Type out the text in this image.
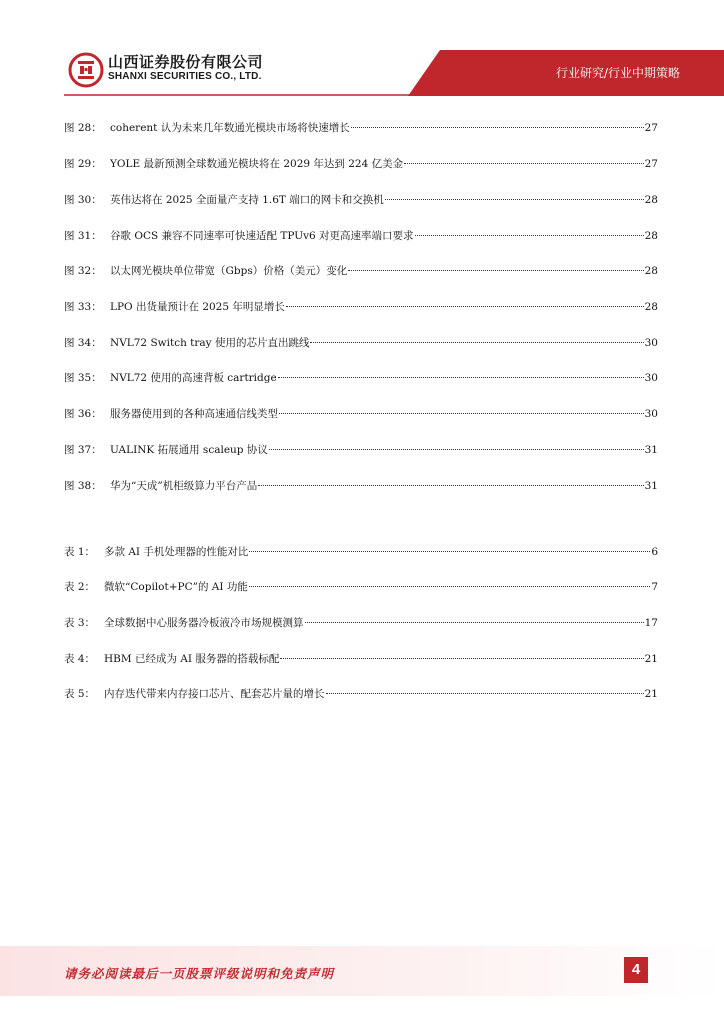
山西证券股份有限公司
SHANXI SECURITIES CO., LTD.	行业研究/行业中期策略
图 28： coherent 认为未来几年数通光模块市场将快速增长	27
图 29： YOLE 最新预测全球数通光模块将在 2029 年达到 224 亿美金	27
图 30： 英伟达将在 2025 全面量产支持 1.6T 端口的网卡和交换机	28
图 31： 谷歌 OCS 兼容不同速率可快速适配 TPUv6 对更高速率端口要求	28
图 32： 以太网光模块单位带宽（Gbps）价格（美元）变化	28
图 33： LPO 出货量预计在 2025 年明显增长	28
图 34： NVL72 Switch tray 使用的芯片直出跳线	30
图 35： NVL72 使用的高速背板 cartridge	30
图 36： 服务器使用到的各种高速通信线类型	30
图 37： UALINK 拓展通用 scaleup 协议	31
图 38： 华为“天成”机柜级算力平台产品	31
表 1： 多款 AI 手机处理器的性能对比	6
表 2： 微软“Copilot+PC”的 AI 功能	7
表 3： 全球数据中心服务器冷板液冷市场规模测算	17
表 4： HBM 已经成为 AI 服务器的搭载标配	21
表 5： 内存迭代带来内存接口芯片、配套芯片量的增长	21
请务必阅读最后一页股票评级说明和免责声明	4
